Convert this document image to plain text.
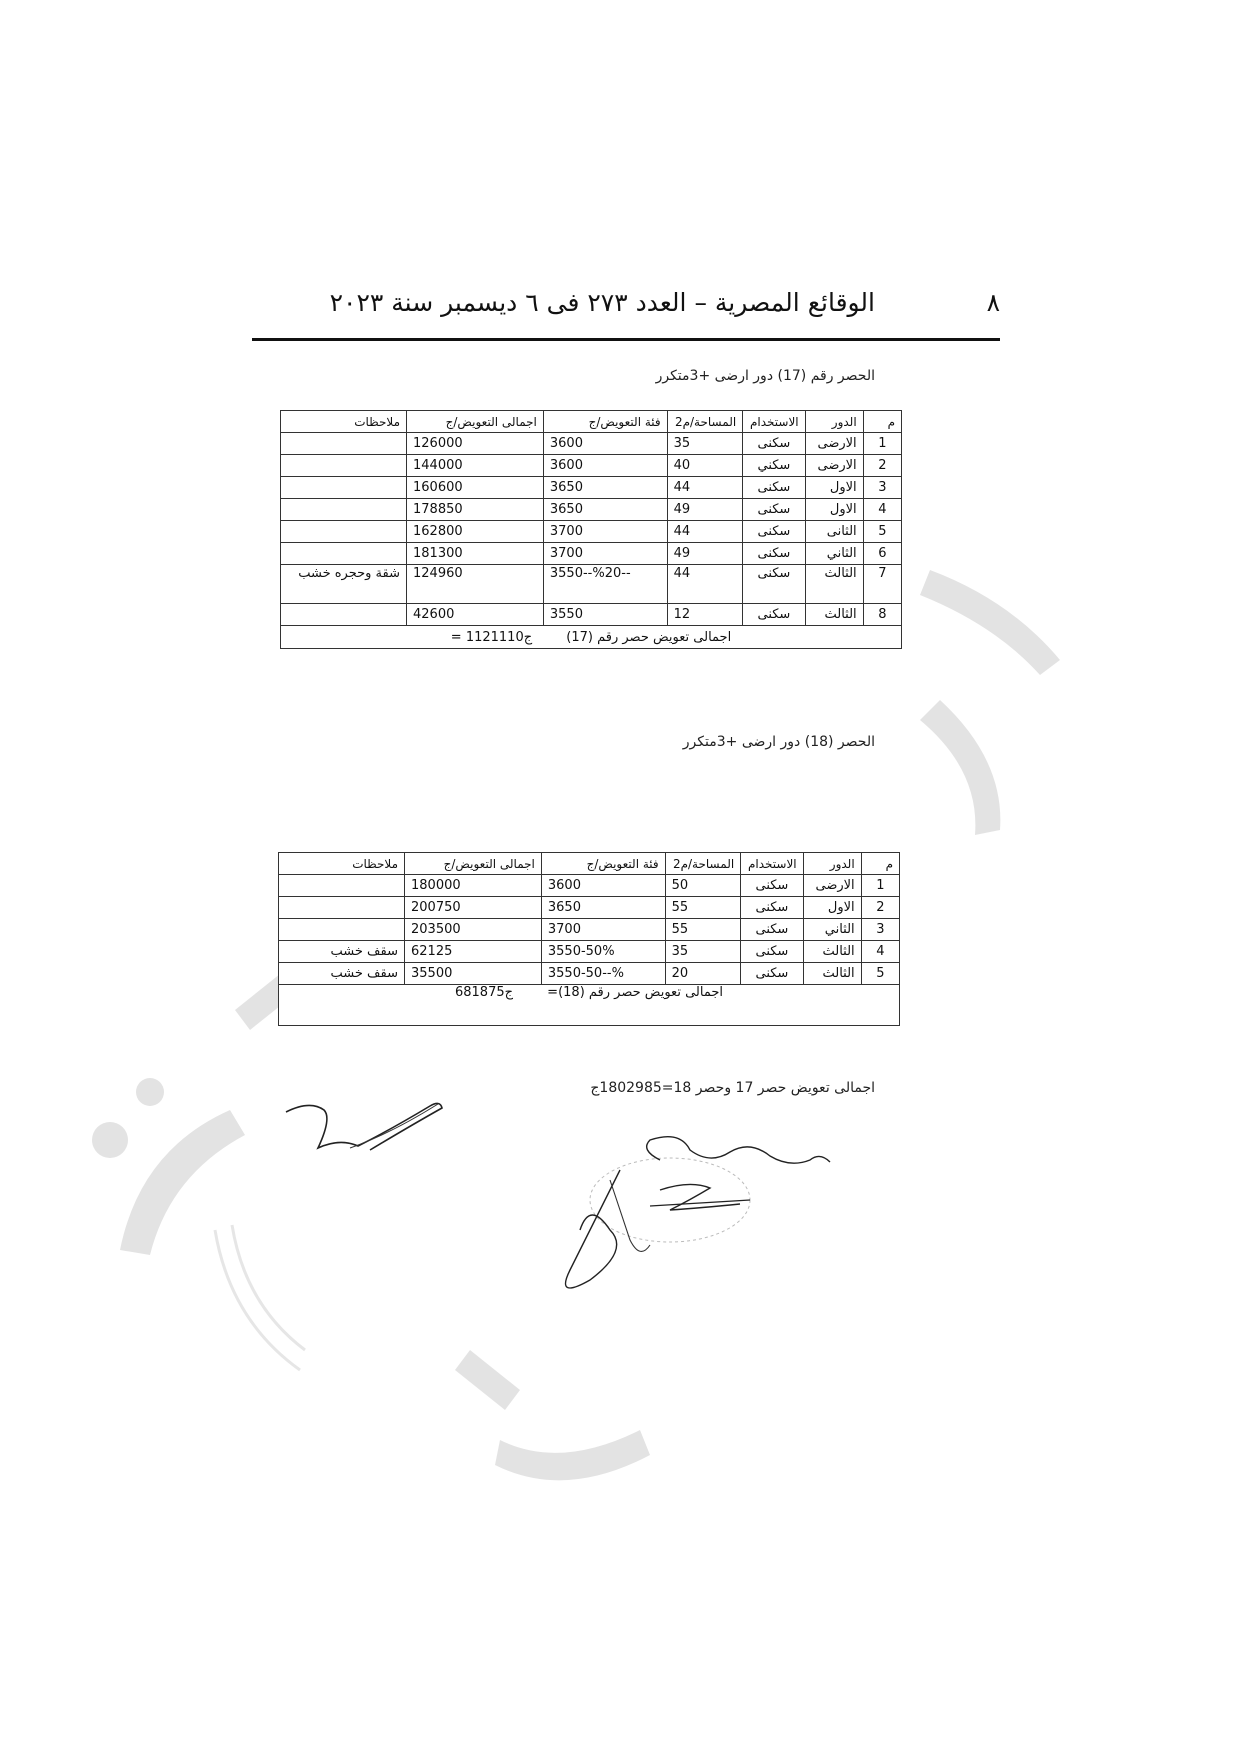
٨
الوقائع المصرية – العدد ٢٧٣ فى ٦ ديسمبر سنة ٢٠٢٣
الحصر رقم (17) دور ارضى +3متكرر
م	الدور	الاستخدام	المساحة/م2	فئة التعويض/ج	اجمالى التعويض/ج	ملاحظات
1	الارضى	سكنى	35	3600	126000	
2	الارضى	سكني	40	3600	144000	
3	الاول	سكنى	44	3650	160600	
4	الاول	سكنى	49	3650	178850	
5	الثانى	سكنى	44	3700	162800	
6	الثاني	سكنى	49	3700	181300	
7	الثالث	سكنى	44	3550--%20--	124960	شقة وحجره خشب
8	الثالث	سكنى	12	3550	42600	
اجمالى تعويض حصر رقم (17) = 1121110ج						
الحصر (18) دور ارضى +3متكرر
م	الدور	الاستخدام	المساحة/م2	فئة التعويض/ج	اجمالى التعويض/ج	ملاحظات
1	الارضى	سكنى	50	3600	180000	
2	الاول	سكنى	55	3650	200750	
3	الثاني	سكنى	55	3700	203500	
4	الثالث	سكنى	35	3550-50%	62125	سقف خشب
5	الثالث	سكنى	20	3550-50--%	35500	سقف خشب
اجمالى تعويض حصر رقم (18)= 681875ج						
اجمالى تعويض حصر 17 وحصر 18=1802985ج
